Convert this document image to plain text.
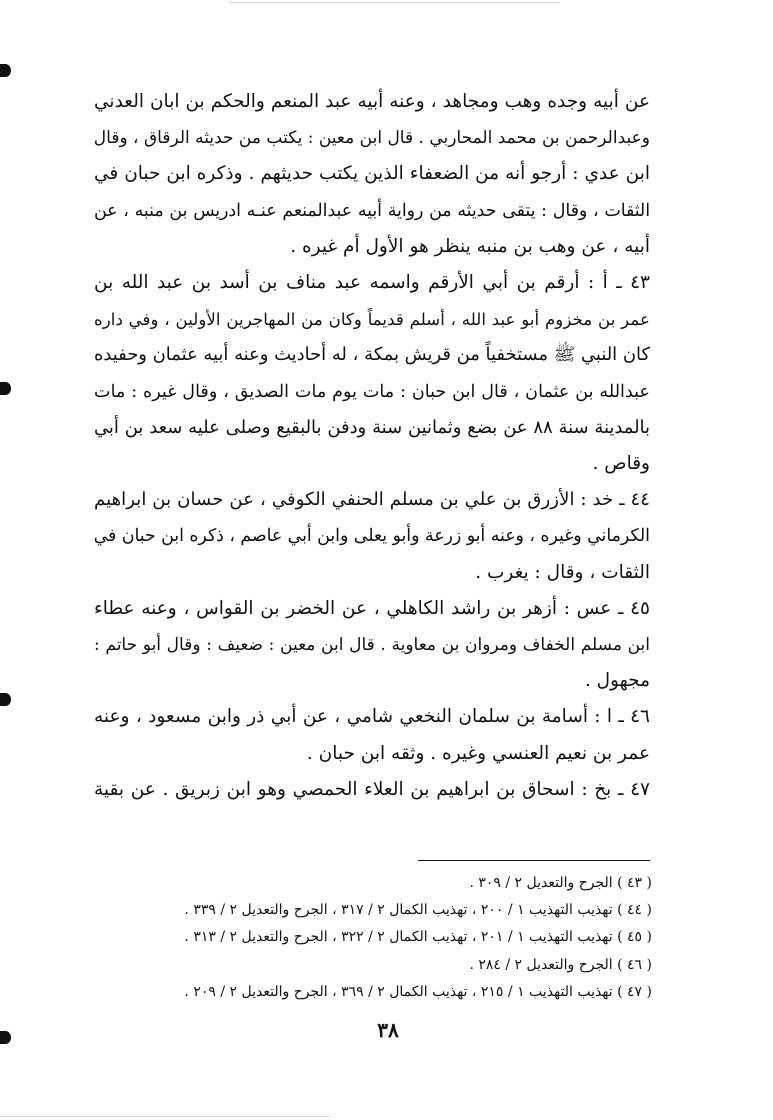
عن أبيه وجده وهب ومجاهد ، وعنه أبيه عبد المنعم والحكم بن ابان العدني
وعبدالرحمن بن محمد المحاربي . قال ابن معين : يكتب من حديثه الرقاق ، وقال
ابن عدي : أرجو أنه من الضعفاء الذين يكتب حديثهم . وذكره ابن حبان في
الثقات ، وقال : يتقى حديثه من رواية أبيه عبدالمنعم عنـه ادريس بن منبه ، عن
أبيه ، عن وهب بن منبه ينظر هو الأول أم غيره .

٤٣ ـ أ : أرقم بن أبي الأرقم واسمه عبد مناف بن أسد بن عبد الله بن
عمر بن مخزوم أبو عبد الله ، أسلم قديماً وكان من المهاجرين الأولين ، وفي داره
كان النبي ﷺ مستخفياً من قريش بمكة ، له أحاديث وعنه أبيه عثمان وحفيده
عبدالله بن عثمان ، قال ابن حبان : مات يوم مات الصديق ، وقال غيره : مات
بالمدينة سنة ٨٨ عن بضع وثمانين سنة ودفن بالبقيع وصلى عليه سعد بن أبي
وقاص .

٤٤ ـ خد : الأزرق بن علي بن مسلم الحنفي الكوفي ، عن حسان بن ابراهيم
الكرماني وغيره ، وعنه أبو زرعة وأبو يعلى وابن أبي عاصم ، ذكره ابن حبان في
الثقات ، وقال : يغرب .

٤٥ ـ عس : أزهر بن راشد الكاهلي ، عن الخضر بن القواس ، وعنه عطاء
ابن مسلم الخفاف ومروان بن معاوية . قال ابن معين : ضعيف : وقال أبو حاتم :
مجهول .

٤٦ ـ ا : أسامة بن سلمان النخعي شامي ، عن أبي ذر وابن مسعود ، وعنه
عمر بن نعيم العنسي وغيره . وثقه ابن حبان .

٤٧ ـ بخ : اسحاق بن ابراهيم بن العلاء الحمصي وهو ابن زبريق . عن بقية

( ٤٣ ) الجرح والتعديل ٢ / ٣٠٩ .
( ٤٤ ) تهذيب التهذيب ١ / ٢٠٠ ، تهذيب الكمال ٢ / ٣١٧ ، الجرح والتعديل ٢ / ٣٣٩ .
( ٤٥ ) تهذيب التهذيب ١ / ٢٠١ ، تهذيب الكمال ٢ / ٣٢٢ ، الجرح والتعديل ٢ / ٣١٣ .
( ٤٦ ) الجرح والتعديل ٢ / ٢٨٤ .
( ٤٧ ) تهذيب التهذيب ١ / ٢١٥ ، تهذيب الكمال ٢ / ٣٦٩ ، الجرح والتعديل ٢ / ٢٠٩ .
٣٨
